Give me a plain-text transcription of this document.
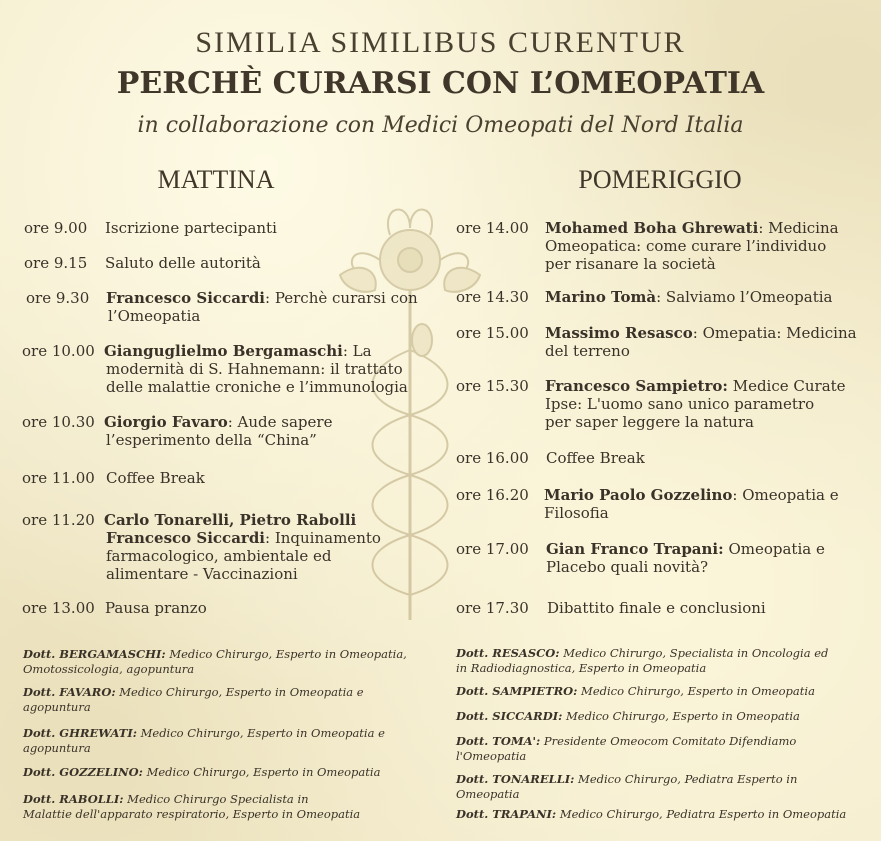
SIMILIA SIMILIBUS CURENTUR
PERCHÈ CURARSI CON L’OMEOPATIA
in collaborazione con Medici Omeopati del Nord Italia
MATTINA	POMERIGGIO
ore 9.00 Iscrizione partecipanti
ore 9.15 Saluto delle autorità
ore 9.30 Francesco Siccardi: Perchè curarsi con
l’Omeopatia
ore 10.00 Gianguglielmo Bergamaschi: La
modernità di S. Hahnemann: il trattato
delle malattie croniche e l’immunologia
ore 10.30 Giorgio Favaro: Aude sapere
l’esperimento della “China”
ore 11.00 Coffee Break
ore 11.20 Carlo Tonarelli, Pietro Rabolli
Francesco Siccardi: Inquinamento
farmacologico, ambientale ed
alimentare - Vaccinazioni
ore 13.00 Pausa pranzo
ore 14.00 Mohamed Boha Ghrewati: Medicina
Omeopatica: come curare l’individuo
per risanare la società
ore 14.30 Marino Tomà: Salviamo l’Omeopatia
ore 15.00 Massimo Resasco: Omepatia: Medicina
del terreno
ore 15.30 Francesco Sampietro: Medice Curate
Ipse: L'uomo sano unico parametro
per saper leggere la natura
ore 16.00 Coffee Break
ore 16.20 Mario Paolo Gozzelino: Omeopatia e
Filosofia
ore 17.00 Gian Franco Trapani: Omeopatia e
Placebo quali novità?
ore 17.30 Dibattito finale e conclusioni
Dott. BERGAMASCHI: Medico Chirurgo, Esperto in Omeopatia,
Omotossicologia, agopuntura
Dott. FAVARO: Medico Chirurgo, Esperto in Omeopatia e
agopuntura
Dott. GHREWATI: Medico Chirurgo, Esperto in Omeopatia e
agopuntura
Dott. GOZZELINO: Medico Chirurgo, Esperto in Omeopatia
Dott. RABOLLI: Medico Chirurgo Specialista in
Malattie dell'apparato respiratorio, Esperto in Omeopatia
Dott. RESASCO: Medico Chirurgo, Specialista in Oncologia ed
in Radiodiagnostica, Esperto in Omeopatia
Dott. SAMPIETRO: Medico Chirurgo, Esperto in Omeopatia
Dott. SICCARDI: Medico Chirurgo, Esperto in Omeopatia
Dott. TOMA': Presidente Omeocom Comitato Difendiamo
l'Omeopatia
Dott. TONARELLI: Medico Chirurgo, Pediatra Esperto in
Omeopatia
Dott. TRAPANI: Medico Chirurgo, Pediatra Esperto in Omeopatia
